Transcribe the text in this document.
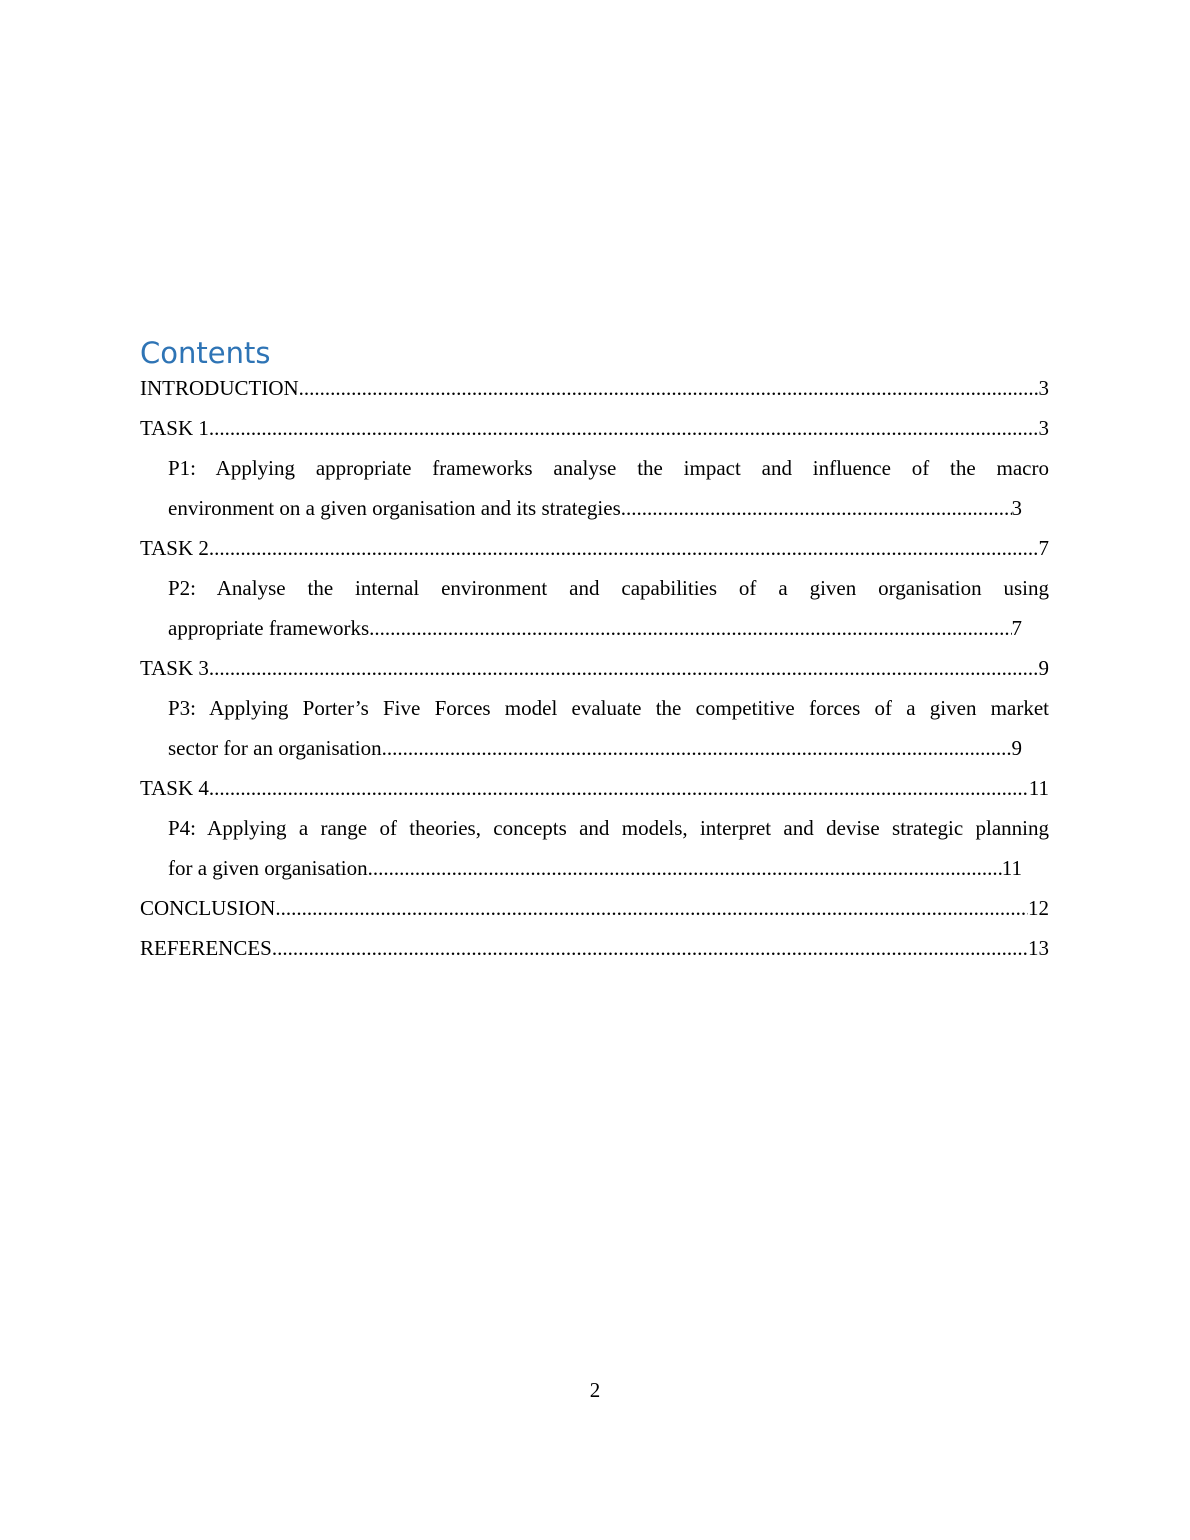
Contents
INTRODUCTION .....	3
TASK 1 .....	3
P1: Applying appropriate frameworks analyse the impact and influence of the macro
environment on a given organisation and its strategies .....	3
TASK 2 .....	7
P2: Analyse the internal environment and capabilities of a given organisation using
appropriate frameworks .....	7
TASK 3 .....	9
P3: Applying Porter’s Five Forces model evaluate the competitive forces of a given market
sector for an organisation .....	9
TASK 4 .....	11
P4: Applying a range of theories, concepts and models, interpret and devise strategic planning
for a given organisation .....	11
CONCLUSION .....	12
REFERENCES .....	13
2
